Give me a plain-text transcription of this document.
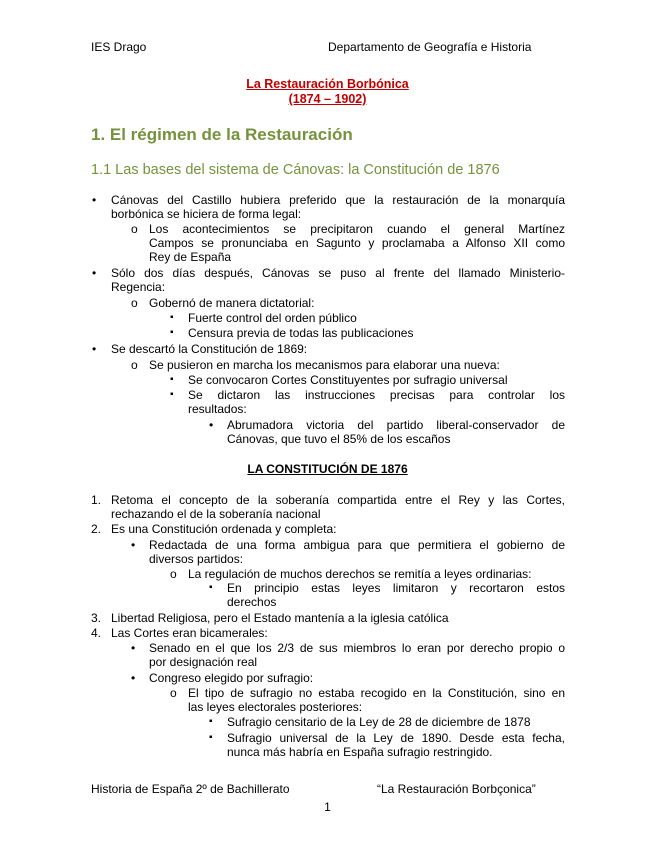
IES Drago	Departamento de Geografía e Historia
La Restauración Borbónica
(1874 – 1902)
1. El régimen de la Restauración
1.1 Las bases del sistema de Cánovas: la Constitución de 1876
• Cánovas del Castillo hubiera preferido que la restauración de la monarquía
borbónica se hiciera de forma legal:
o Los acontecimientos se precipitaron cuando el general Martínez
Campos se pronunciaba en Sagunto y proclamaba a Alfonso XII como
Rey de España
• Sólo dos días después, Cánovas se puso al frente del llamado Ministerio-
Regencia:
o Gobernó de manera dictatorial:
▪ Fuerte control del orden público
▪ Censura previa de todas las publicaciones
• Se descartó la Constitución de 1869:
o Se pusieron en marcha los mecanismos para elaborar una nueva:
▪ Se convocaron Cortes Constituyentes por sufragio universal
▪ Se dictaron las instrucciones precisas para controlar los
resultados:
• Abrumadora victoria del partido liberal-conservador de
Cánovas, que tuvo el 85% de los escaños
LA CONSTITUCIÓN DE 1876
1. Retoma el concepto de la soberanía compartida entre el Rey y las Cortes,
rechazando el de la soberanía nacional
2. Es una Constitución ordenada y completa:
• Redactada de una forma ambigua para que permitiera el gobierno de
diversos partidos:
o La regulación de muchos derechos se remitía a leyes ordinarias:
▪ En principio estas leyes limitaron y recortaron estos
derechos
3. Libertad Religiosa, pero el Estado mantenía a la iglesia católica
4. Las Cortes eran bicamerales:
• Senado en el que los 2/3 de sus miembros lo eran por derecho propio o
por designación real
• Congreso elegido por sufragio:
o El tipo de sufragio no estaba recogido en la Constitución, sino en
las leyes electorales posteriores:
▪ Sufragio censitario de la Ley de 28 de diciembre de 1878
▪ Sufragio universal de la Ley de 1890. Desde esta fecha,
nunca más habría en España sufragio restringido.
Historia de España 2º de Bachillerato	“La Restauración Borbçonica”
1
